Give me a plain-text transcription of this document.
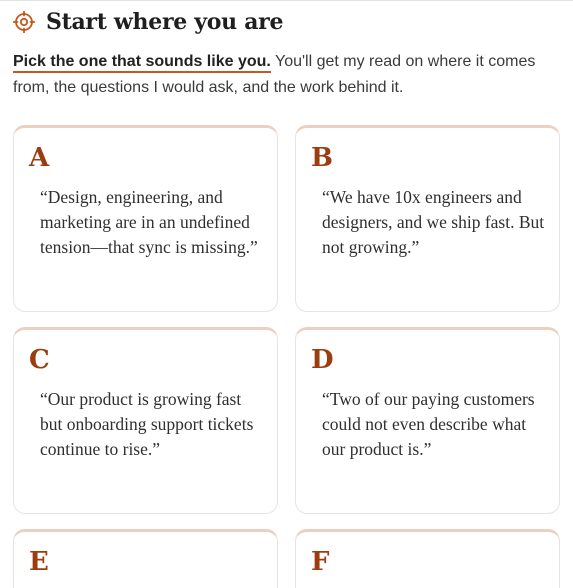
Start where you are
Pick the one that sounds like you. You'll get my read on where it comes from, the questions I would ask, and the work behind it.
A
“Design, engineering, and marketing are in an undefined tension—that sync is missing.”
B
“We have 10x engineers and designers, and we ship fast. But not growing.”
C
“Our product is growing fast but onboarding support tickets continue to rise.”
D
“Two of our paying customers could not even describe what our product is.”
E	F
